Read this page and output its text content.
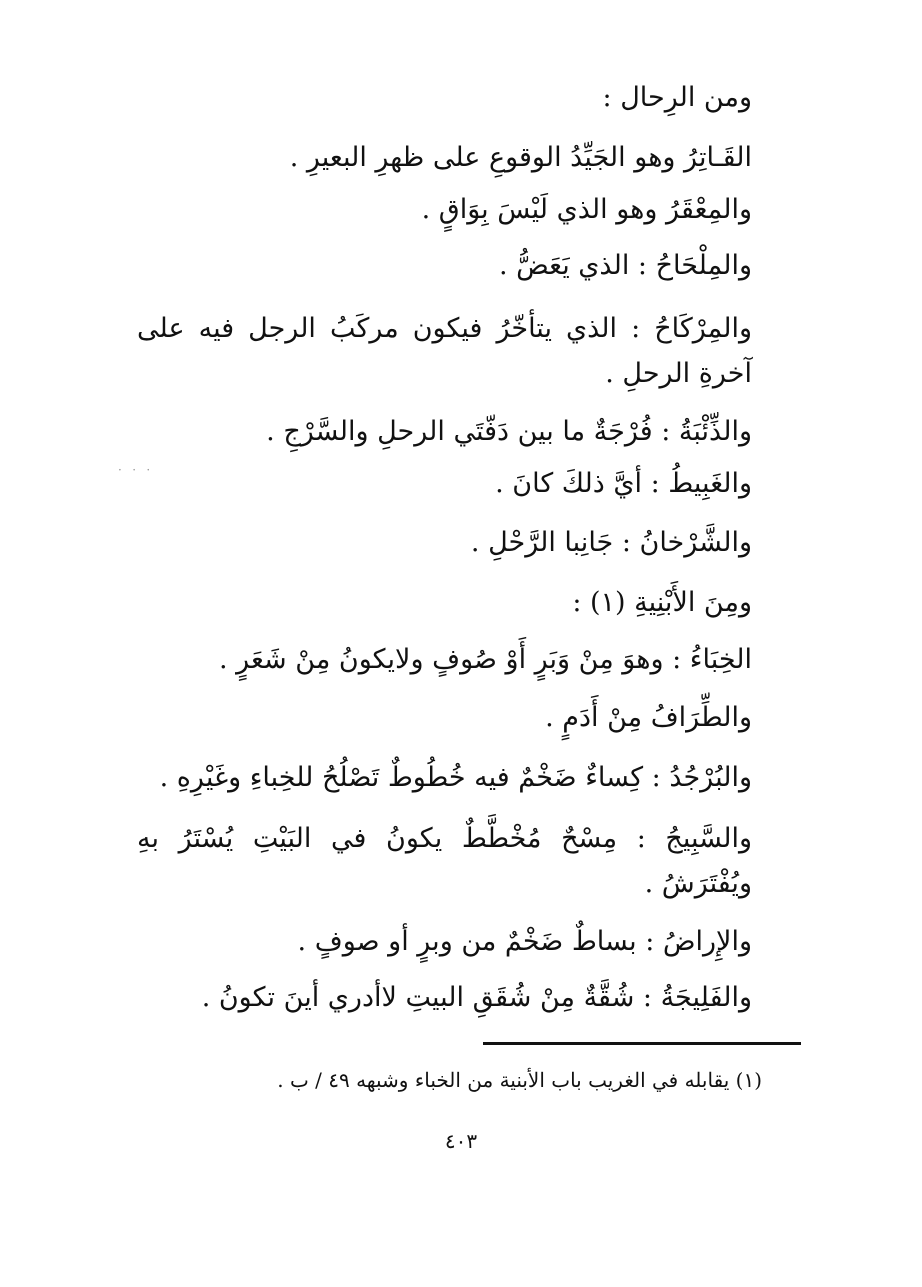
ومن الرِحال :
القَـاتِرُ وهو الجَيِّدُ الوقوعِ على ظهرِ البعيرِ .
والمِعْقَرُ وهو الذي لَيْسَ بِوَاقٍ .
والمِلْحَاحُ : الذي يَعَضُّ .
والمِرْكَاحُ : الذي يتأخّرُ فيكون مركَبُ الرجل فيه على آخرةِ الرحلِ .
والذِّئْبَةُ : فُرْجَةٌ ما بين دَفّتَي الرحلِ والسَّرْجِ .
والغَبِيطُ : أيَّ ذلكَ كانَ .
والشَّرْخانُ : جَانِبا الرَّحْلِ .
ومِنَ الأَبْنِيةِ (١) :
الخِبَاءُ : وهوَ مِنْ وَبَرٍ أَوْ صُوفٍ ولايكونُ مِنْ شَعَرٍ .
والطِّرَافُ مِنْ أَدَمٍ .
والبُرْجُدُ : كِساءٌ ضَخْمٌ فيه خُطُوطٌ تَصْلُحُ للخِباءِ وغَيْرِهِ .
والسَّبِيجُ : مِسْحٌ مُخْطَّطٌ يكونُ في البَيْتِ يُسْتَرُ بهِ ويُفْتَرَشُ .
والإِراضُ : بساطٌ ضَخْمٌ من وبرٍ أو صوفٍ .
والفَلِيجَةُ : شُقَّةٌ مِنْ شُقَقِ البيتِ لاأدري أينَ تكونُ .
(١) يقابله في الغريب باب الأبنية من الخباء وشبهه ٤٩ / ب .
٤٠٣
· · ·
